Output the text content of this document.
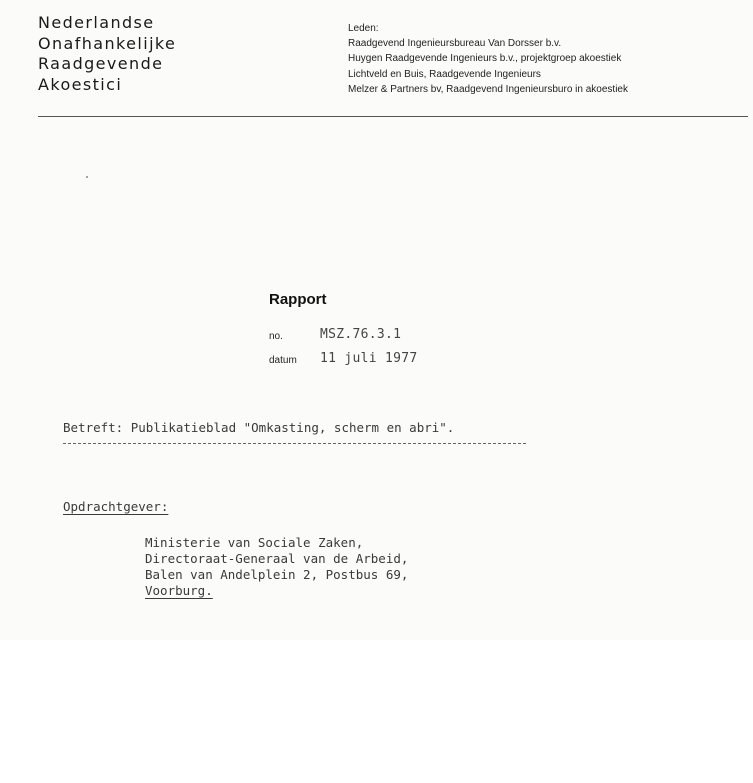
Nederlandse
Onafhankelijke
Raadgevende
Akoestici
Leden:
Raadgevend Ingenieursbureau Van Dorsser b.v.
Huygen Raadgevende Ingenieurs b.v., projektgroep akoestiek
Lichtveld en Buis, Raadgevende Ingenieurs
Melzer & Partners bv, Raadgevend Ingenieursburo in akoestiek
Rapport
no.	MSZ.76.3.1
datum 11 juli 1977
Betreft: Publikatieblad "Omkasting, scherm en abri".
Opdrachtgever:
Ministerie van Sociale Zaken,
Directoraat-Generaal van de Arbeid,
Balen van Andelplein 2, Postbus 69,
Voorburg.
